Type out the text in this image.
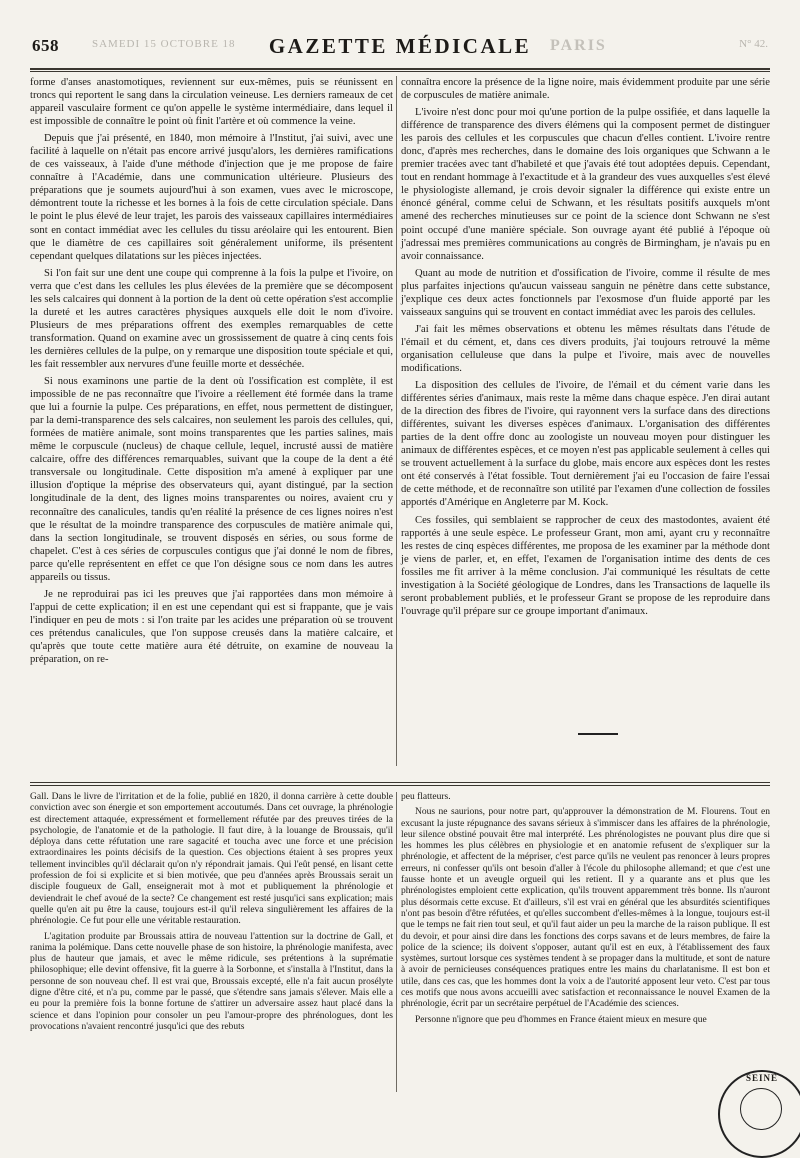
658	SAMEDI 15 OCTOBRE 18	GAZETTE MÉDICALE	PARIS	N° 42.

forme d'anses anastomotiques, reviennent sur eux-mêmes, puis se réunissent en troncs qui reportent le sang dans la circulation veineuse. Les derniers rameaux de cet appareil vasculaire forment ce qu'on appelle le système intermédiaire, dans lequel il est impossible de connaître le point où finit l'artère et où commence la veine.

Depuis que j'ai présenté, en 1840, mon mémoire à l'Institut, j'ai suivi, avec une facilité à laquelle on n'était pas encore arrivé jusqu'alors, les dernières ramifications de ces vaisseaux, à l'aide d'une méthode d'injection que je me propose de faire connaître à l'Académie, dans une communication ultérieure. Plusieurs des préparations que je soumets aujourd'hui à son examen, vues avec le microscope, démontrent toute la richesse et les bornes à la fois de cette circulation spéciale. Dans le point le plus élevé de leur trajet, les parois des vaisseaux capillaires intermédiaires sont en contact immédiat avec les cellules du tissu aréolaire qui les entourent. Bien que le diamètre de ces capillaires soit généralement uniforme, ils présentent cependant quelques dilatations sur les pièces injectées.

Si l'on fait sur une dent une coupe qui comprenne à la fois la pulpe et l'ivoire, on verra que c'est dans les cellules les plus élevées de la première que se décomposent les sels calcaires qui donnent à la portion de la dent où cette opération s'est accomplie la dureté et les autres caractères physiques auxquels elle doit le nom d'ivoire. Plusieurs de mes préparations offrent des exemples remarquables de cette transformation. Quand on examine avec un grossissement de quatre à cinq cents fois les dernières cellules de la pulpe, on y remarque une disposition toute spéciale et qui, les fait ressembler aux nervures d'une feuille morte et desséchée.

Si nous examinons une partie de la dent où l'ossification est complète, il est impossible de ne pas reconnaître que l'ivoire a réellement été formée dans la trame que lui a fournie la pulpe. Ces préparations, en effet, nous permettent de distinguer, par la demi-transparence des sels calcaires, non seulement les parois des cellules, qui, formées de matière animale, sont moins transparentes que les parties salines, mais même le corpuscule (nucleus) de chaque cellule, lequel, incrusté aussi de matière calcaire, offre des différences remarquables, suivant que la coupe de la dent a été transversale ou longitudinale. Cette disposition m'a amené à expliquer par une illusion d'optique la méprise des observateurs qui, ayant distingué, par la section longitudinale de la dent, des lignes moins transparentes ou noires, avaient cru y reconnaître des canalicules, tandis qu'en réalité la présence de ces lignes noires n'est que le résultat de la moindre transparence des corpuscules de matière animale qui, dans la section longitudinale, se trouvent disposés en séries, ou sous forme de chapelet. C'est à ces séries de corpuscules contigus que j'ai donné le nom de fibres, parce qu'elle représentent en effet ce que l'on désigne sous ce nom dans les autres appareils ou tissus.

Je ne reproduirai pas ici les preuves que j'ai rapportées dans mon mémoire à l'appui de cette explication; il en est une cependant qui est si frappante, que je vais l'indiquer en peu de mots : si l'on traite par les acides une préparation où se trouvent ces prétendus canalicules, que l'on suppose creusés dans la matière calcaire, et qu'après que toute cette matière aura été détruite, on examine de nouveau la préparation, on re-

connaîtra encore la présence de la ligne noire, mais évidemment produite par une série de corpuscules de matière animale.

L'ivoire n'est donc pour moi qu'une portion de la pulpe ossifiée, et dans laquelle la différence de transparence des divers élémens qui la composent permet de distinguer les parois des cellules et les corpuscules que chacun d'elles contient. L'ivoire rentre donc, d'après mes recherches, dans le domaine des lois organiques que Schwann a le premier tracées avec tant d'habileté et que j'avais été tout adoptées depuis. Cependant, tout en rendant hommage à l'exactitude et à la grandeur des vues auxquelles s'est élevé le physiologiste allemand, je crois devoir signaler la différence qui existe entre un énoncé général, comme celui de Schwann, et les résultats positifs auxquels m'ont amené des recherches minutieuses sur ce point de la science dont Schwann ne s'est point occupé d'une manière spéciale. Son ouvrage ayant été publié à l'époque où j'adressai mes premières communications au congrès de Birmingham, je n'avais pu en avoir connaissance.

Quant au mode de nutrition et d'ossification de l'ivoire, comme il résulte de mes plus parfaites injections qu'aucun vaisseau sanguin ne pénètre dans cette substance, j'explique ces deux actes fonctionnels par l'exosmose d'un fluide apporté par les vaisseaux sanguins qui se trouvent en contact immédiat avec les parois des cellules.

J'ai fait les mêmes observations et obtenu les mêmes résultats dans l'étude de l'émail et du cément, et, dans ces divers produits, j'ai toujours retrouvé la même organisation celluleuse que dans la pulpe et l'ivoire, mais avec de nouvelles modifications.

La disposition des cellules de l'ivoire, de l'émail et du cément varie dans les différentes séries d'animaux, mais reste la même dans chaque espèce. J'en dirai autant de la direction des fibres de l'ivoire, qui rayonnent vers la surface dans des directions différentes, suivant les diverses espèces d'animaux. L'organisation des différentes parties de la dent offre donc au zoologiste un nouveau moyen pour distinguer les animaux de différentes espèces, et ce moyen n'est pas applicable seulement à celles qui se trouvent actuellement à la surface du globe, mais encore aux espèces dont les restes ont été conservés à l'état fossible. Tout dernièrement j'ai eu l'occasion de faire l'essai de cette méthode, et de reconnaître son utilité par l'examen d'une collection de fossiles apportés d'Amérique en Angleterre par M. Kock.

Ces fossiles, qui semblaient se rapprocher de ceux des mastodontes, avaient été rapportés à une seule espèce. Le professeur Grant, mon ami, ayant cru y reconnaître les restes de cinq espèces différentes, me proposa de les examiner par la méthode dont je viens de parler, et, en effet, l'examen de l'organisation intime des dents de ces fossiles me fit arriver à la même conclusion. J'ai communiqué les résultats de cette investigation à la Société géologique de Londres, dans les Transactions de laquelle ils seront probablement publiés, et le professeur Grant se propose de les reproduire dans l'ouvrage qu'il prépare sur ce groupe important d'animaux.

Gall. Dans le livre de l'irritation et de la folie, publié en 1820, il donna carrière à cette double conviction avec son énergie et son emportement accoutumés. Dans cet ouvrage, la phrénologie est directement attaquée, expressément et formellement réfutée par des preuves tirées de la psychologie, de l'anatomie et de la pathologie. Il faut dire, à la louange de Broussais, qu'il déploya dans cette réfutation une rare sagacité et toucha avec une force et une précision extraordinaires les points décisifs de la question. Ces objections étaient à ses propres yeux tellement invincibles qu'il déclarait qu'on n'y répondrait jamais. Qui l'eût pensé, en lisant cette profession de foi si explicite et si bien motivée, que peu d'années après Broussais serait un disciple fougueux de Gall, enseignerait mot à mot et publiquement la phrénologie et deviendrait le chef avoué de la secte? Ce changement est resté jusqu'ici sans explication; mais quelle qu'en ait pu être la cause, toujours est-il qu'il releva singulièrement les affaires de la phrénologie. Ce fut pour elle une véritable restauration.

L'agitation produite par Broussais attira de nouveau l'attention sur la doctrine de Gall, et ranima la polémique. Dans cette nouvelle phase de son histoire, la phrénologie manifesta, avec plus de hauteur que jamais, et avec le même ridicule, ses prétentions à la suprématie philosophique; elle devint offensive, fit la guerre à la Sorbonne, et s'installa à l'Institut, dans la personne de son nouveau chef. Il est vrai que, Broussais excepté, elle n'a fait aucun prosélyte digne d'être cité, et n'a pu, comme par le passé, que s'étendre sans jamais s'élever. Mais elle a eu pour la première fois la bonne fortune de s'attirer un adversaire assez haut placé dans la science et dans l'opinion pour consoler un peu l'amour-propre des phrénologues, dont les provocations n'avaient rencontré jusqu'ici que des rebuts

peu flatteurs.

Nous ne saurions, pour notre part, qu'approuver la démonstration de M. Flourens. Tout en excusant la juste répugnance des savans sérieux à s'immiscer dans les affaires de la phrénologie, leur silence obstiné pouvait être mal interprété. Les phrénologistes ne pouvant plus dire que si les hommes les plus célèbres en physiologie et en anatomie refusent de s'expliquer sur la phrénologie, et affectent de la mépriser, c'est parce qu'ils ne veulent pas renoncer à leurs propres erreurs, ni confesser qu'ils ont besoin d'aller à l'école du philosophe allemand; et que c'est une fausse honte et un aveugle orgueil qui les retient. Il y a quarante ans et plus que les phrénologistes emploient cette explication, qu'ils trouvent apparemment très bonne. Ils n'auront plus désormais cette excuse. Et d'ailleurs, s'il est vrai en général que les absurdités scientifiques n'ont pas besoin d'être réfutées, et qu'elles succombent d'elles-mêmes à la longue, toujours est-il que le temps ne fait rien tout seul, et qu'il faut aider un peu la marche de la raison publique. Il est du devoir, et pour ainsi dire dans les fonctions des corps savans et de leurs membres, de faire la police de la science; ils doivent s'opposer, autant qu'il est en eux, à l'établissement des faux systèmes, surtout lorsque ces systèmes tendent à se propager dans la multitude, et sont de nature à avoir de pernicieuses conséquences pratiques entre les mains du charlatanisme. Il est bon et utile, dans ces cas, que les hommes dont la voix a de l'autorité apposent leur veto. C'est par tous ces motifs que nous avons accueilli avec satisfaction et reconnaissance le nouvel Examen de la phrénologie, écrit par un secrétaire perpétuel de l'Académie des sciences.

Personne n'ignore que peu d'hommes en France étaient mieux en mesure que

SEINE
